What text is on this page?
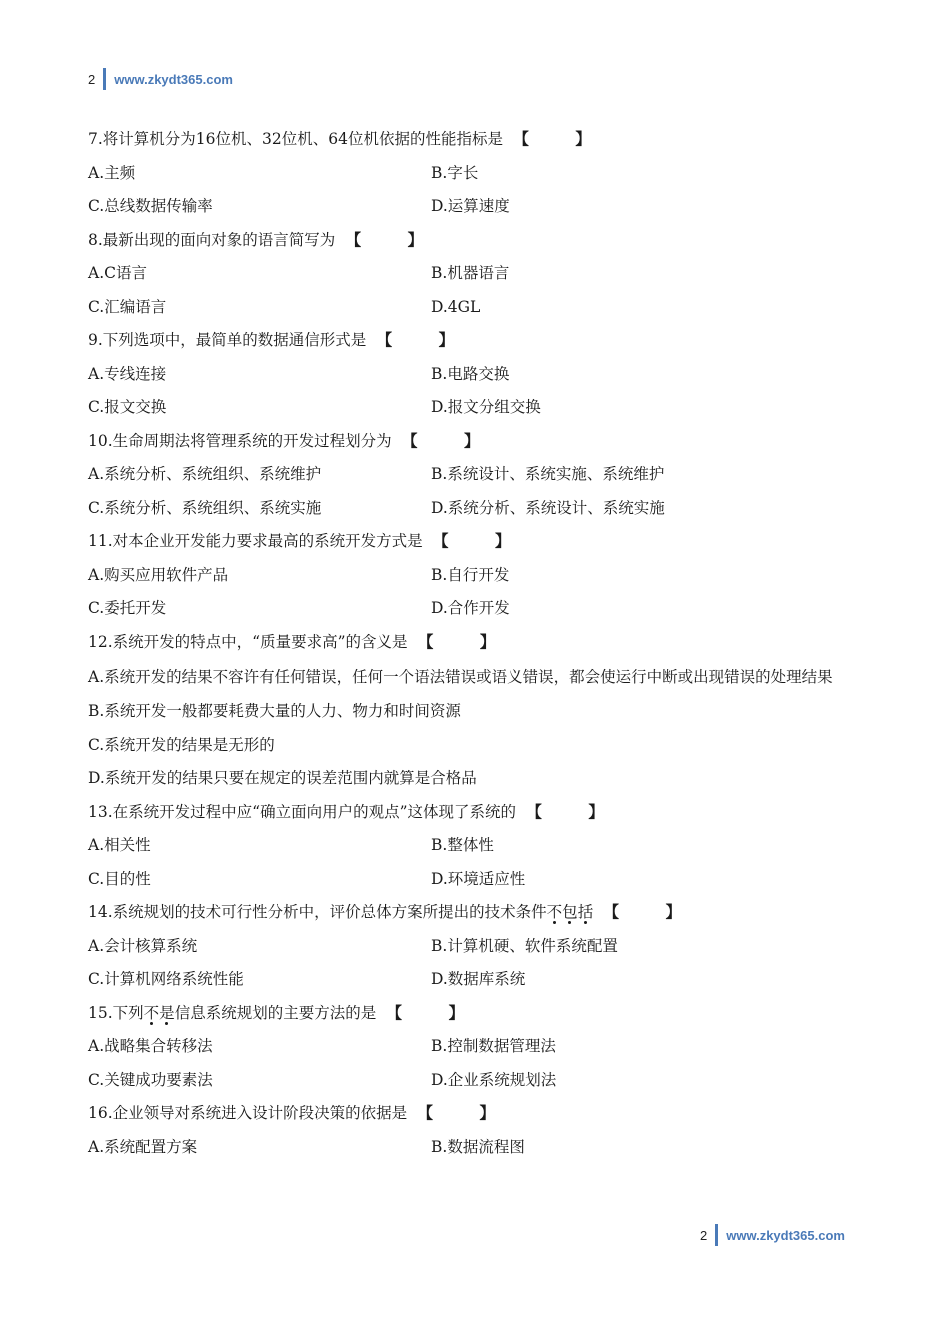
2 www.zkydt365.com
7.将计算机分为16位机、32位机、64位机依据的性能指标是 【　　　	】
A.主频	B.字长
C.总线数据传输率	D.运算速度
8.最新出现的面向对象的语言简写为 【　　　	】
A.C语言	B.机器语言
C.汇编语言	D.4GL
9.下列选项中，最简单的数据通信形式是 【　　　	】
A.专线连接	B.电路交换
C.报文交换	D.报文分组交换
10.生命周期法将管理系统的开发过程划分为 【　　　	】
A.系统分析、系统组织、系统维护	B.系统设计、系统实施、系统维护
C.系统分析、系统组织、系统实施	D.系统分析、系统设计、系统实施
11.对本企业开发能力要求最高的系统开发方式是 【　　　	】
A.购买应用软件产品	B.自行开发
C.委托开发	D.合作开发
12.系统开发的特点中，“质量要求高”的含义是 【　　　	】
A.系统开发的结果不容许有任何错误，任何一个语法错误或语义错误，都会使运行中断或出现错误的处理结果
B.系统开发一般都要耗费大量的人力、物力和时间资源
C.系统开发的结果是无形的
D.系统开发的结果只要在规定的误差范围内就算是合格品
13.在系统开发过程中应“确立面向用户的观点”这体现了系统的 【　　　	】
A.相关性	B.整体性
C.目的性	D.环境适应性
14.系统规划的技术可行性分析中，评价总体方案所提出的技术条件不包括 【　　　	】
A.会计核算系统	B.计算机硬、软件系统配置
C.计算机网络系统性能	D.数据库系统
15.下列不是信息系统规划的主要方法的是 【　　　	】
A.战略集合转移法	B.控制数据管理法
C.关键成功要素法	D.企业系统规划法
16.企业领导对系统进入设计阶段决策的依据是 【　　　	】
A.系统配置方案	B.数据流程图
2 www.zkydt365.com
